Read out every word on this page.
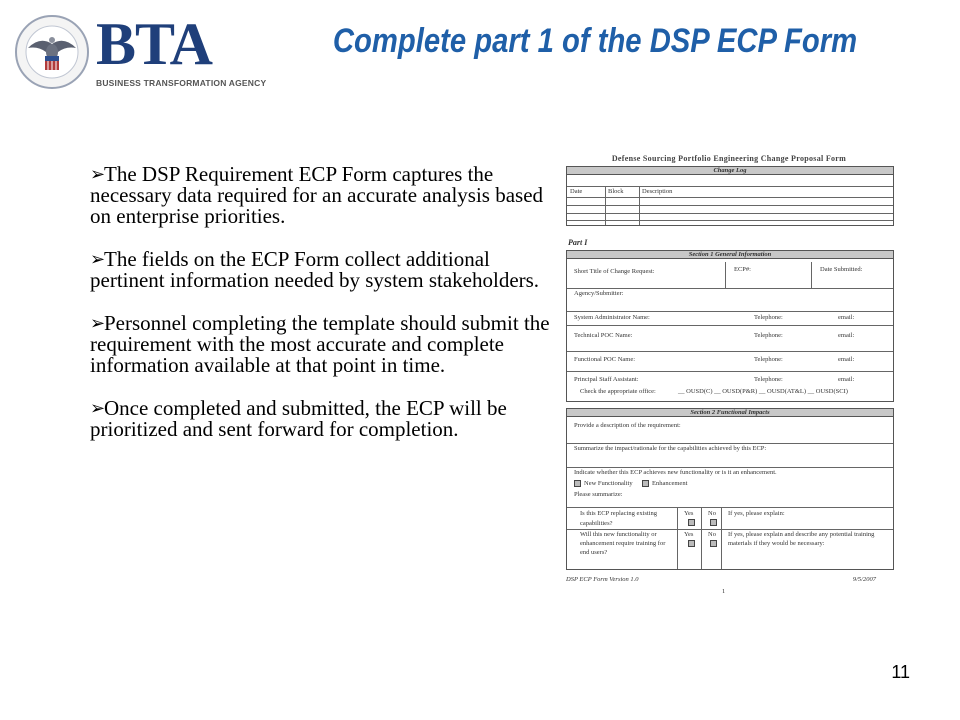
BTA
BUSINESS TRANSFORMATION AGENCY
Complete part 1 of the DSP ECP Form
➢
The DSP Requirement ECP Form captures the necessary data required for an accurate analysis based on enterprise priorities.
➢
The fields on the ECP Form collect additional pertinent information needed by system stakeholders.
➢
Personnel completing the template should submit the requirement with the most accurate and complete information available at that point in time.
➢
Once completed and submitted, the ECP will be prioritized and sent forward for completion.
Defense Sourcing Portfolio Engineering Change Proposal Form
Change Log
Date	Block	Description
Part I
Section 1 General Information
Short Title of Change Request:	ECP#:	Date Submitted:
Agency/Submitter:
System Administrator Name:	Telephone:	email:
Technical POC Name:	Telephone:	email:
Functional POC Name:	Telephone:	email:
Principal Staff Assistant:	Telephone:	email:
Check the appropriate office:	__ OUSD(C) __ OUSD(P&R) __ OUSD(AT&L) __ OUSD(SCI)
Section 2 Functional Impacts
Provide a description of the requirement:
Summarize the impact/rationale for the capabilities achieved by this ECP:
Indicate whether this ECP achieves new functionality or is it an enhancement.
New Functionality	Enhancement
Please summarize:
Is this ECP replacing existing
capabilities?
Yes	No	If yes, please explain:
Will this new functionality or
enhancement require training for
end users?
Yes	No	If yes, please explain and describe any potential training
materials if they would be necessary:
DSP ECP Form Version 1.0	9/5/2007
1
11
